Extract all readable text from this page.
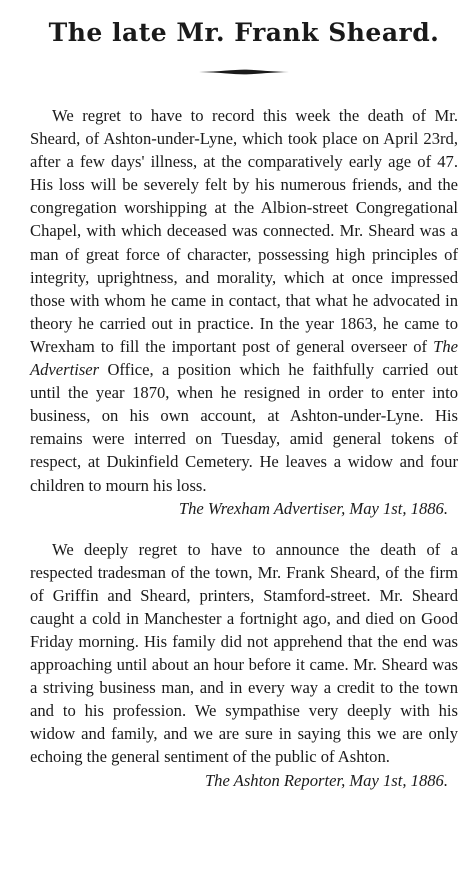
The late Mr. Frank Sheard.

We regret to have to record this week the death of Mr. Sheard, of Ashton-under-Lyne, which took place on April 23rd, after a few days' illness, at the comparatively early age of 47. His loss will be severely felt by his numerous friends, and the congregation worshipping at the Albion-street Congregational Chapel, with which deceased was connected. Mr. Sheard was a man of great force of character, possessing high principles of integrity, uprightness, and morality, which at once impressed those with whom he came in contact, that what he advocated in theory he carried out in practice. In the year 1863, he came to Wrexham to fill the important post of general overseer of The Advertiser Office, a position which he faithfully carried out until the year 1870, when he resigned in order to enter into business, on his own account, at Ashton-under-Lyne. His remains were interred on Tuesday, amid general tokens of respect, at Dukinfield Cemetery. He leaves a widow and four children to mourn his loss.

The Wrexham Advertiser, May 1st, 1886.

We deeply regret to have to announce the death of a respected tradesman of the town, Mr. Frank Sheard, of the firm of Griffin and Sheard, printers, Stamford-street. Mr. Sheard caught a cold in Manchester a fortnight ago, and died on Good Friday morning. His family did not apprehend that the end was approaching until about an hour before it came. Mr. Sheard was a striving business man, and in every way a credit to the town and to his profession. We sympathise very deeply with his widow and family, and we are sure in saying this we are only echoing the general sentiment of the public of Ashton.

The Ashton Reporter, May 1st, 1886.
